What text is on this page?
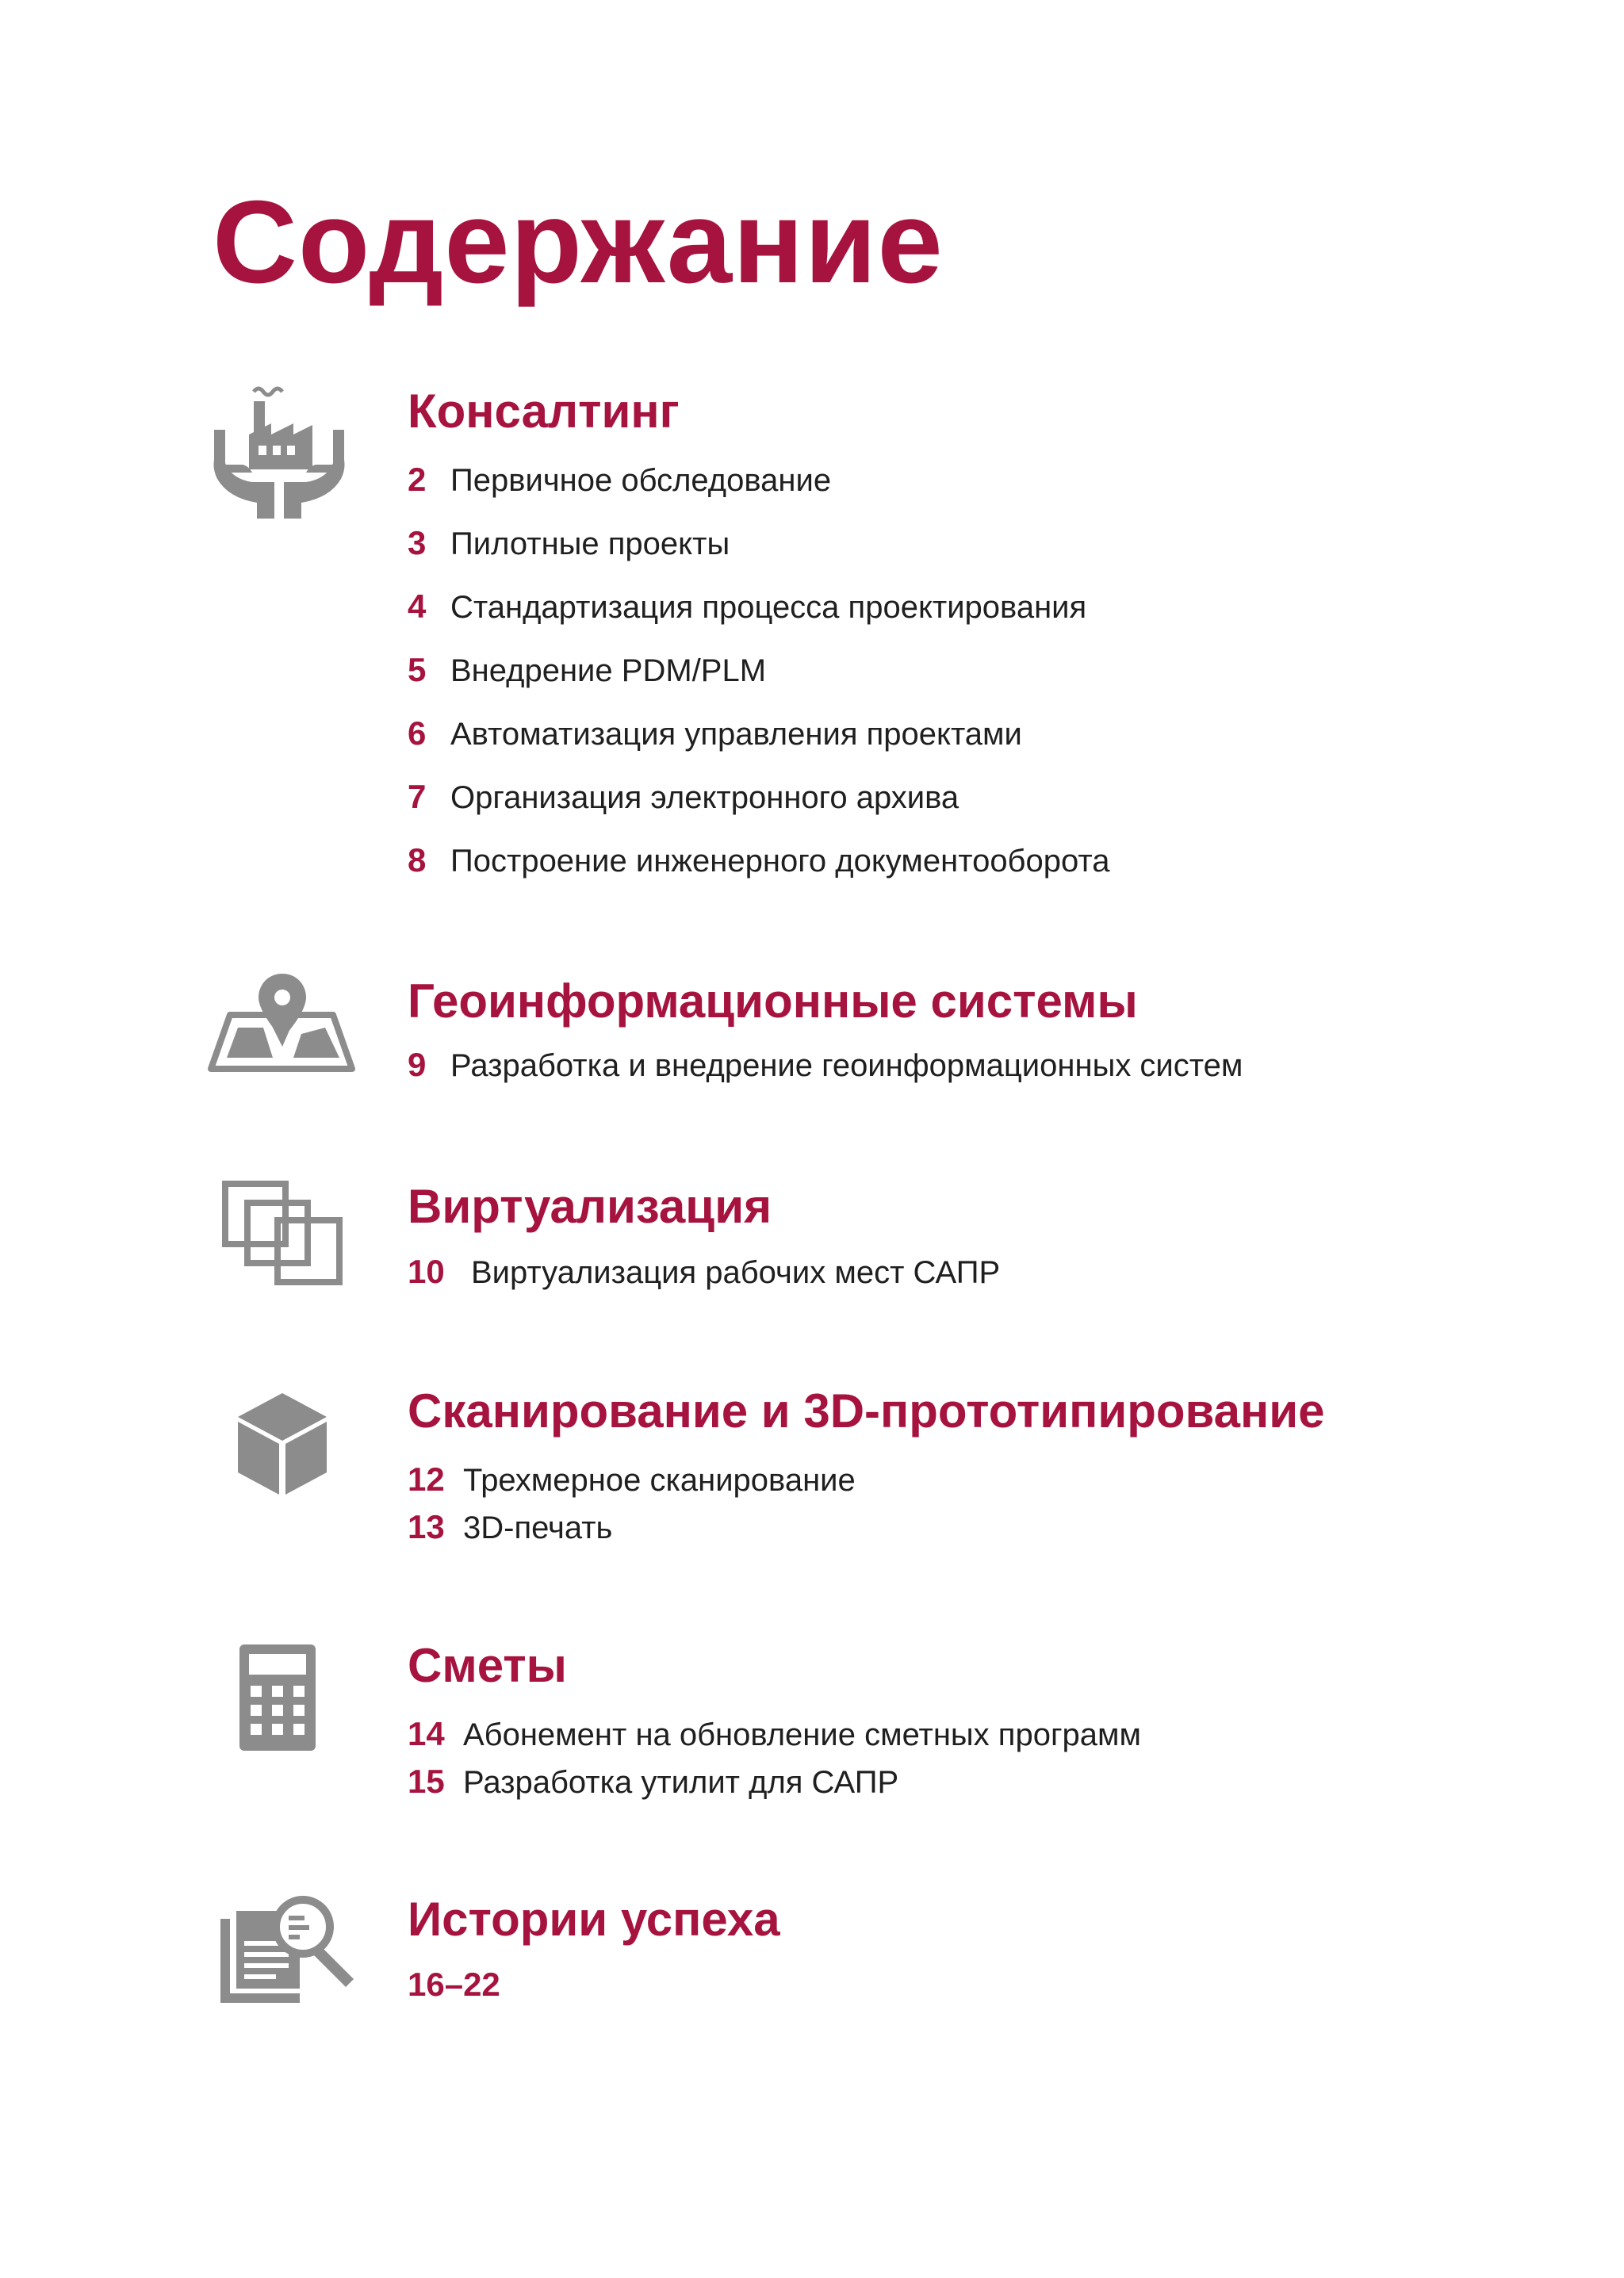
Содержание
Консалтинг
2 Первичное обследование
3 Пилотные проекты
4 Стандартизация процесса проектирования
5 Внедрение PDM/PLM
6 Автоматизация управления проектами
7 Организация электронного архива
8 Построение инженерного документооборота
Геоинформационные системы
9 Разработка и внедрение геоинформационных систем
Виртуализация
10 Виртуализация рабочих мест САПР
Сканирование и 3D-прототипирование
12 Трехмерное сканирование
13 3D-печать
Сметы
14 Абонемент на обновление сметных программ
15 Разработка утилит для САПР
Истории успеха
16–22
